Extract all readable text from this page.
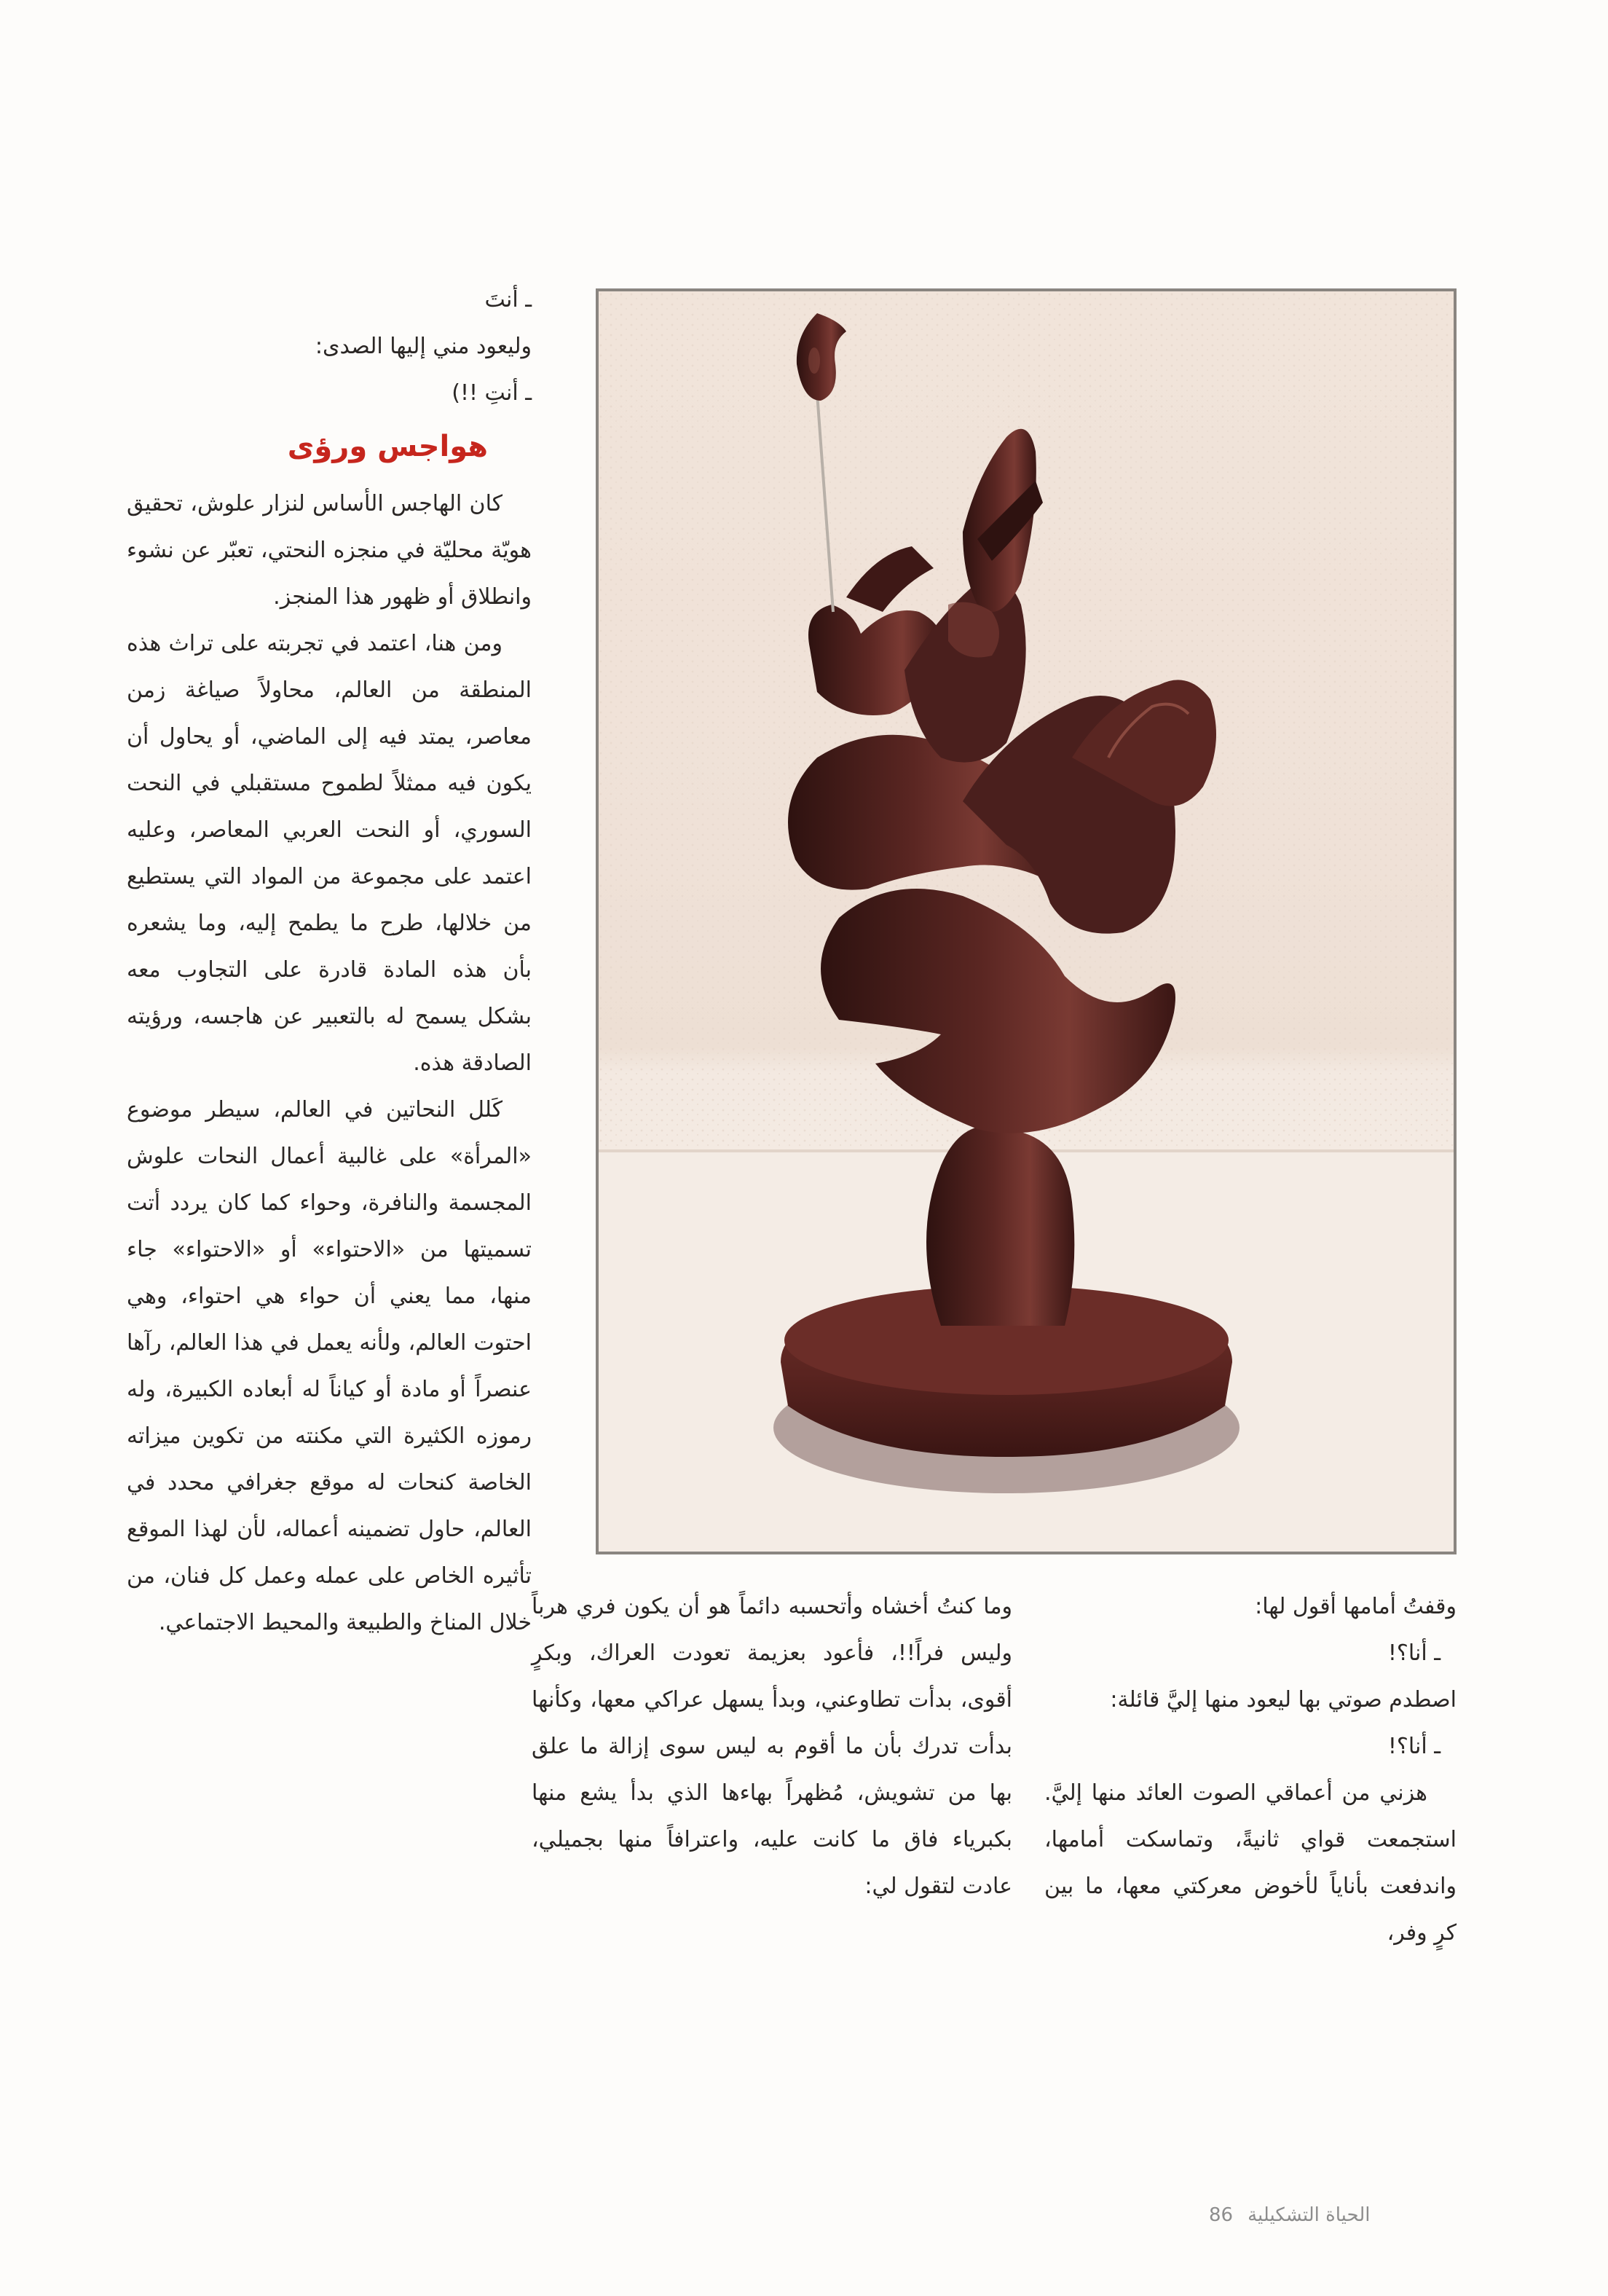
ـ أنتَ

وليعود مني إليها الصدى:

ـ أنتِ !!)

هواجس ورؤى

كان الهاجس الأساس لنزار علوش، تحقيق هويّة محليّة في منجزه النحتي، تعبّر عن نشوء وانطلاق أو ظهور هذا المنجز.

ومن هنا، اعتمد في تجربته على تراث هذه المنطقة من العالم، محاولاً صياغة زمن معاصر، يمتد فيه إلى الماضي، أو يحاول أن يكون فيه ممثلاً لطموح مستقبلي في النحت السوري، أو النحت العربي المعاصر، وعليه اعتمد على مجموعة من المواد التي يستطيع من خلالها، طرح ما يطمح إليه، وما يشعره بأن هذه المادة قادرة على التجاوب معه بشكل يسمح له بالتعبير عن هاجسه، ورؤيته الصادقة هذه.

كَلل النحاتين في العالم، سيطر موضوع «المرأة» على غالبية أعمال النحات علوش المجسمة والنافرة، وحواء كما كان يردد أتت تسميتها من «الاحتواء» أو «الاحتواء» جاء منها، مما يعني أن حواء هي احتواء، وهي احتوت العالم، ولأنه يعمل في هذا العالم، رآها عنصراً أو مادة أو كياناً له أبعاده الكبيرة، وله رموزه الكثيرة التي مكنته من تكوين ميزاته الخاصة كنحات له موقع جغرافي محدد في العالم، حاول تضمينه أعماله، لأن لهذا الموقع تأثيره الخاص على عمله وعمل كل فنان، من خلال المناخ والطبيعة والمحيط الاجتماعي.

وما كنتُ أخشاه وأتحسبه دائماً هو أن يكون فري هرباً وليس فراً!!، فأعود بعزيمة تعودت العراك، وبكرٍ أقوى، بدأت تطاوعني، وبدأ يسهل عراكي معها، وكأنها بدأت تدرك بأن ما أقوم به ليس سوى إزالة ما علق بها من تشويش، مُظهراً بهاءها الذي بدأ يشع منها بكبرياء فاق ما كانت عليه، واعترافاً منها بجميلي، عادت لتقول لي:

وقفتُ أمامها أقول لها:

ـ أنا؟!

اصطدم صوتي بها ليعود منها إليَّ قائلة:

ـ أنا؟!

هزني من أعماقي الصوت العائد منها إليَّ. استجمعت قواي ثانيةً، وتماسكت أمامها، واندفعت بأناياً لأخوض معركتي معها، ما بين كرٍ وفر،

الحياة التشكيلية
86
